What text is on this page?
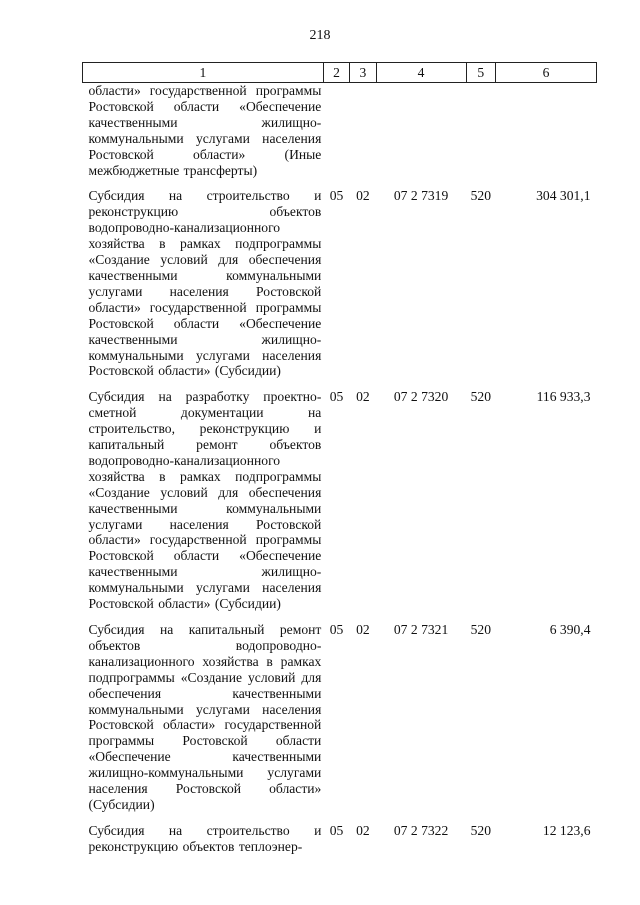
218
1	2	3	4	5	6
области» государственной программы Ростовской области «Обеспечение качественными жилищно-коммунальными услугами населения Ростовской области» (Иные межбюджетные трансферты)					
Субсидия на строительство и реконструкцию объектов водопроводно-канализационного хозяйства в рамках подпрограммы «Создание условий для обеспечения качественными коммунальными услугами населения Ростовской области» государственной программы Ростовской области «Обеспечение качественными жилищно-коммунальными услугами населения Ростовской области» (Субсидии)	05	02	07 2 7319	520	304 301,1
Субсидия на разработку проектно-сметной документации на строительство, реконструкцию и капитальный ремонт объектов водопроводно-канализационного хозяйства в рамках подпрограммы «Создание условий для обеспечения качественными коммунальными услугами населения Ростовской области» государственной программы Ростовской области «Обеспечение качественными жилищно-коммунальными услугами населения Ростовской области» (Субсидии)	05	02	07 2 7320	520	116 933,3
Субсидия на капитальный ремонт объектов водопроводно-канализационного хозяйства в рамках подпрограммы «Создание условий для обеспечения качественными коммунальными услугами населения Ростовской области» государственной программы Ростовской области «Обеспечение качественными жилищно-коммунальными услугами населения Ростовской области» (Субсидии)	05	02	07 2 7321	520	6 390,4
Субсидия на строительство и реконструкцию объектов теплоэнер-	05	02	07 2 7322	520	12 123,6
